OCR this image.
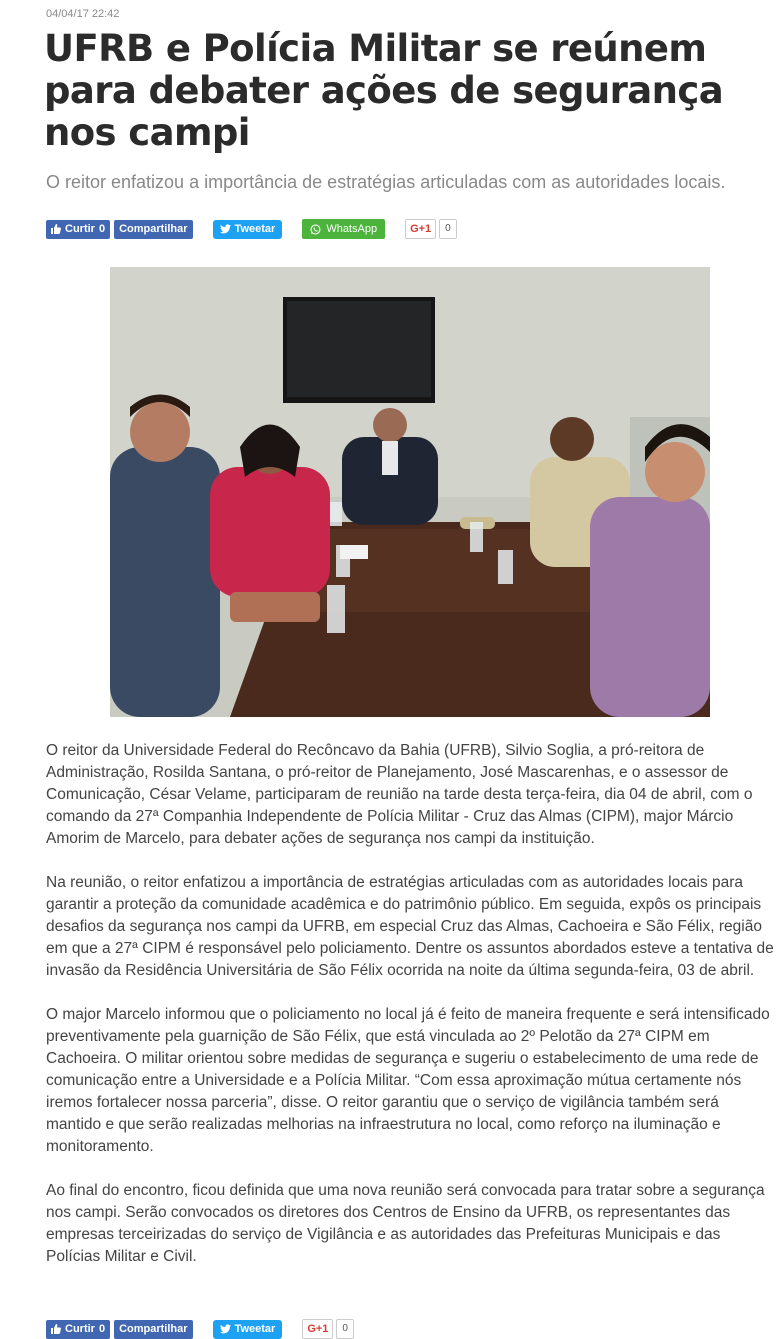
04/04/17 22:42
UFRB e Polícia Militar se reúnem para debater ações de segurança nos campi
O reitor enfatizou a importância de estratégias articuladas com as autoridades locais.
Curtir 0	Compartilhar	Tweetar	WhatsApp	G+1	0

O reitor da Universidade Federal do Recôncavo da Bahia (UFRB), Silvio Soglia, a pró-reitora de Administração, Rosilda Santana, o pró-reitor de Planejamento, José Mascarenhas, e o assessor de Comunicação, César Velame, participaram de reunião na tarde desta terça-feira, dia 04 de abril, com o comando da 27ª Companhia Independente de Polícia Militar - Cruz das Almas (CIPM), major Márcio Amorim de Marcelo, para debater ações de segurança nos campi da instituição.

Na reunião, o reitor enfatizou a importância de estratégias articuladas com as autoridades locais para garantir a proteção da comunidade acadêmica e do patrimônio público. Em seguida, expôs os principais desafios da segurança nos campi da UFRB, em especial Cruz das Almas, Cachoeira e São Félix, região em que a 27ª CIPM é responsável pelo policiamento. Dentre os assuntos abordados esteve a tentativa de invasão da Residência Universitária de São Félix ocorrida na noite da última segunda-feira, 03 de abril.

O major Marcelo informou que o policiamento no local já é feito de maneira frequente e será intensificado preventivamente pela guarnição de São Félix, que está vinculada ao 2º Pelotão da 27ª CIPM em Cachoeira. O militar orientou sobre medidas de segurança e sugeriu o estabelecimento de uma rede de comunicação entre a Universidade e a Polícia Militar. “Com essa aproximação mútua certamente nós iremos fortalecer nossa parceria”, disse. O reitor garantiu que o serviço de vigilância também será mantido e que serão realizadas melhorias na infraestrutura no local, como reforço na iluminação e monitoramento.

Ao final do encontro, ficou definida que uma nova reunião será convocada para tratar sobre a segurança nos campi. Serão convocados os diretores dos Centros de Ensino da UFRB, os representantes das empresas terceirizadas do serviço de Vigilância e as autoridades das Prefeituras Municipais e das Polícias Militar e Civil.

Curtir 0	Compartilhar	Tweetar	G+1	0
